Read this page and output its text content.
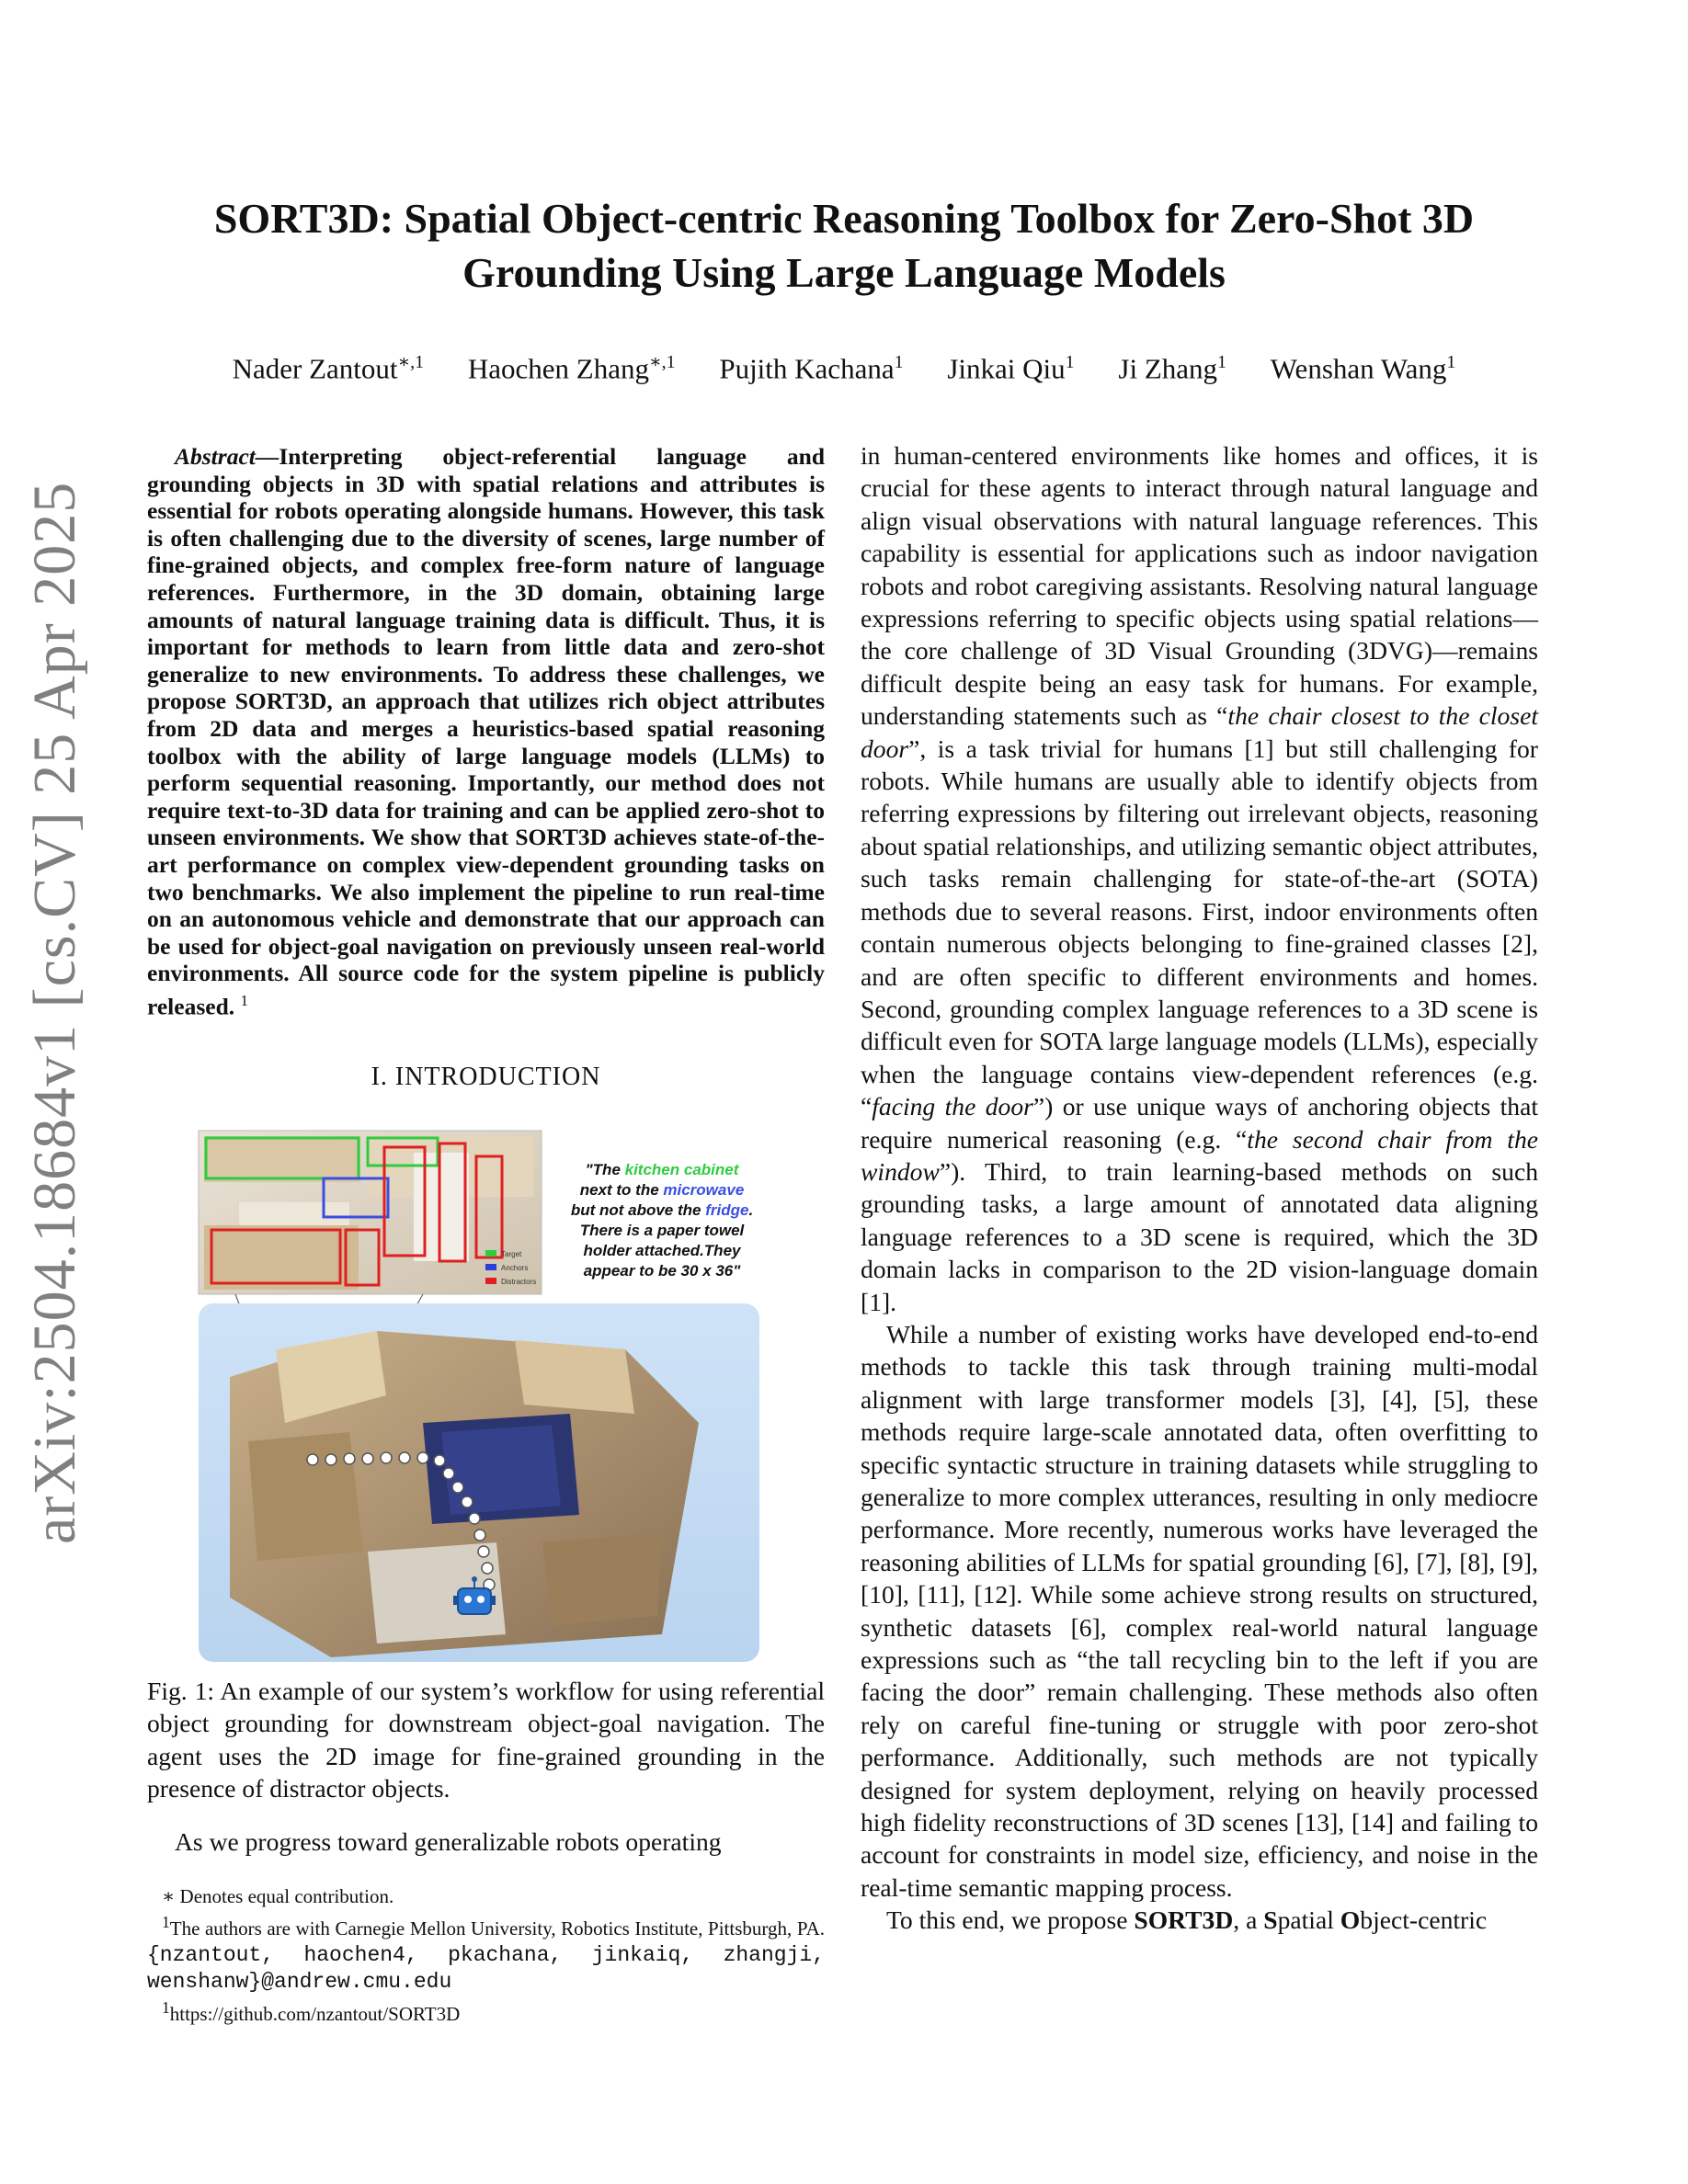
arXiv:2504.18684v1 [cs.CV] 25 Apr 2025
SORT3D: Spatial Object-centric Reasoning Toolbox for Zero-Shot 3D
Grounding Using Large Language Models
Nader Zantout$^{∗,1}$ Haochen Zhang$^{∗,1}$ Pujith Kachana$^1$ Jinkai Qiu$^1$ Ji Zhang$^1$ Wenshan Wang$^1$
Abstract—Interpreting object-referential language and grounding objects in 3D with spatial relations and attributes is essential for robots operating alongside humans. However, this task is often challenging due to the diversity of scenes, large number of fine-grained objects, and complex free-form nature of language references. Furthermore, in the 3D domain, obtaining large amounts of natural language training data is difficult. Thus, it is important for methods to learn from little data and zero-shot generalize to new environments. To address these challenges, we propose SORT3D, an approach that utilizes rich object attributes from 2D data and merges a heuristics-based spatial reasoning toolbox with the ability of large language models (LLMs) to perform sequential reasoning. Importantly, our method does not require text-to-3D data for training and can be applied zero-shot to unseen environments. We show that SORT3D achieves state-of-the-art performance on complex view-dependent grounding tasks on two benchmarks. We also implement the pipeline to run real-time on an autonomous vehicle and demonstrate that our approach can be used for object-goal navigation on previously unseen real-world environments. All source code for the system pipeline is publicly released. $^1$
I. INTRODUCTION
Target
Anchors
Distractors
"The kitchen cabinet
next to the microwave
but not above the fridge.
There is a paper towel
holder attached.They
appear to be 30 x 36"
Fig. 1: An example of our system’s workflow for using referential object grounding for downstream object-goal navigation. The agent uses the 2D image for fine-grained grounding in the presence of distractor objects.
As we progress toward generalizable robots operating

∗ Denotes equal contribution.

$^1$The authors are with Carnegie Mellon University, Robotics Institute, Pittsburgh, PA. {nzantout, haochen4, pkachana, jinkaiq, zhangji, wenshanw}@andrew.cmu.edu

$^1$https://github.com/nzantout/SORT3D

in human-centered environments like homes and offices, it is crucial for these agents to interact through natural language and align visual observations with natural language references. This capability is essential for applications such as indoor navigation robots and robot caregiving assistants. Resolving natural language expressions referring to specific objects using spatial relations—the core challenge of 3D Visual Grounding (3DVG)—remains difficult despite being an easy task for humans. For example, understanding statements such as “the chair closest to the closet door”, is a task trivial for humans [1] but still challenging for robots. While humans are usually able to identify objects from referring expressions by filtering out irrelevant objects, reasoning about spatial relationships, and utilizing semantic object attributes, such tasks remain challenging for state-of-the-art (SOTA) methods due to several reasons. First, indoor environments often contain numerous objects belonging to fine-grained classes [2], and are often specific to different environments and homes. Second, grounding complex language references to a 3D scene is difficult even for SOTA large language models (LLMs), especially when the language contains view-dependent references (e.g. “facing the door”) or use unique ways of anchoring objects that require numerical reasoning (e.g. “the second chair from the window”). Third, to train learning-based methods on such grounding tasks, a large amount of annotated data aligning language references to a 3D scene is required, which the 3D domain lacks in comparison to the 2D vision-language domain [1].

While a number of existing works have developed end-to-end methods to tackle this task through training multi-modal alignment with large transformer models [3], [4], [5], these methods require large-scale annotated data, often overfitting to specific syntactic structure in training datasets while struggling to generalize to more complex utterances, resulting in only mediocre performance. More recently, numerous works have leveraged the reasoning abilities of LLMs for spatial grounding [6], [7], [8], [9], [10], [11], [12]. While some achieve strong results on structured, synthetic datasets [6], complex real-world natural language expressions such as “the tall recycling bin to the left if you are facing the door” remain challenging. These methods also often rely on careful fine-tuning or struggle with poor zero-shot performance. Additionally, such methods are not typically designed for system deployment, relying on heavily processed high fidelity reconstructions of 3D scenes [13], [14] and failing to account for constraints in model size, efficiency, and noise in the real-time semantic mapping process.

To this end, we propose SORT3D, a Spatial Object-centric
